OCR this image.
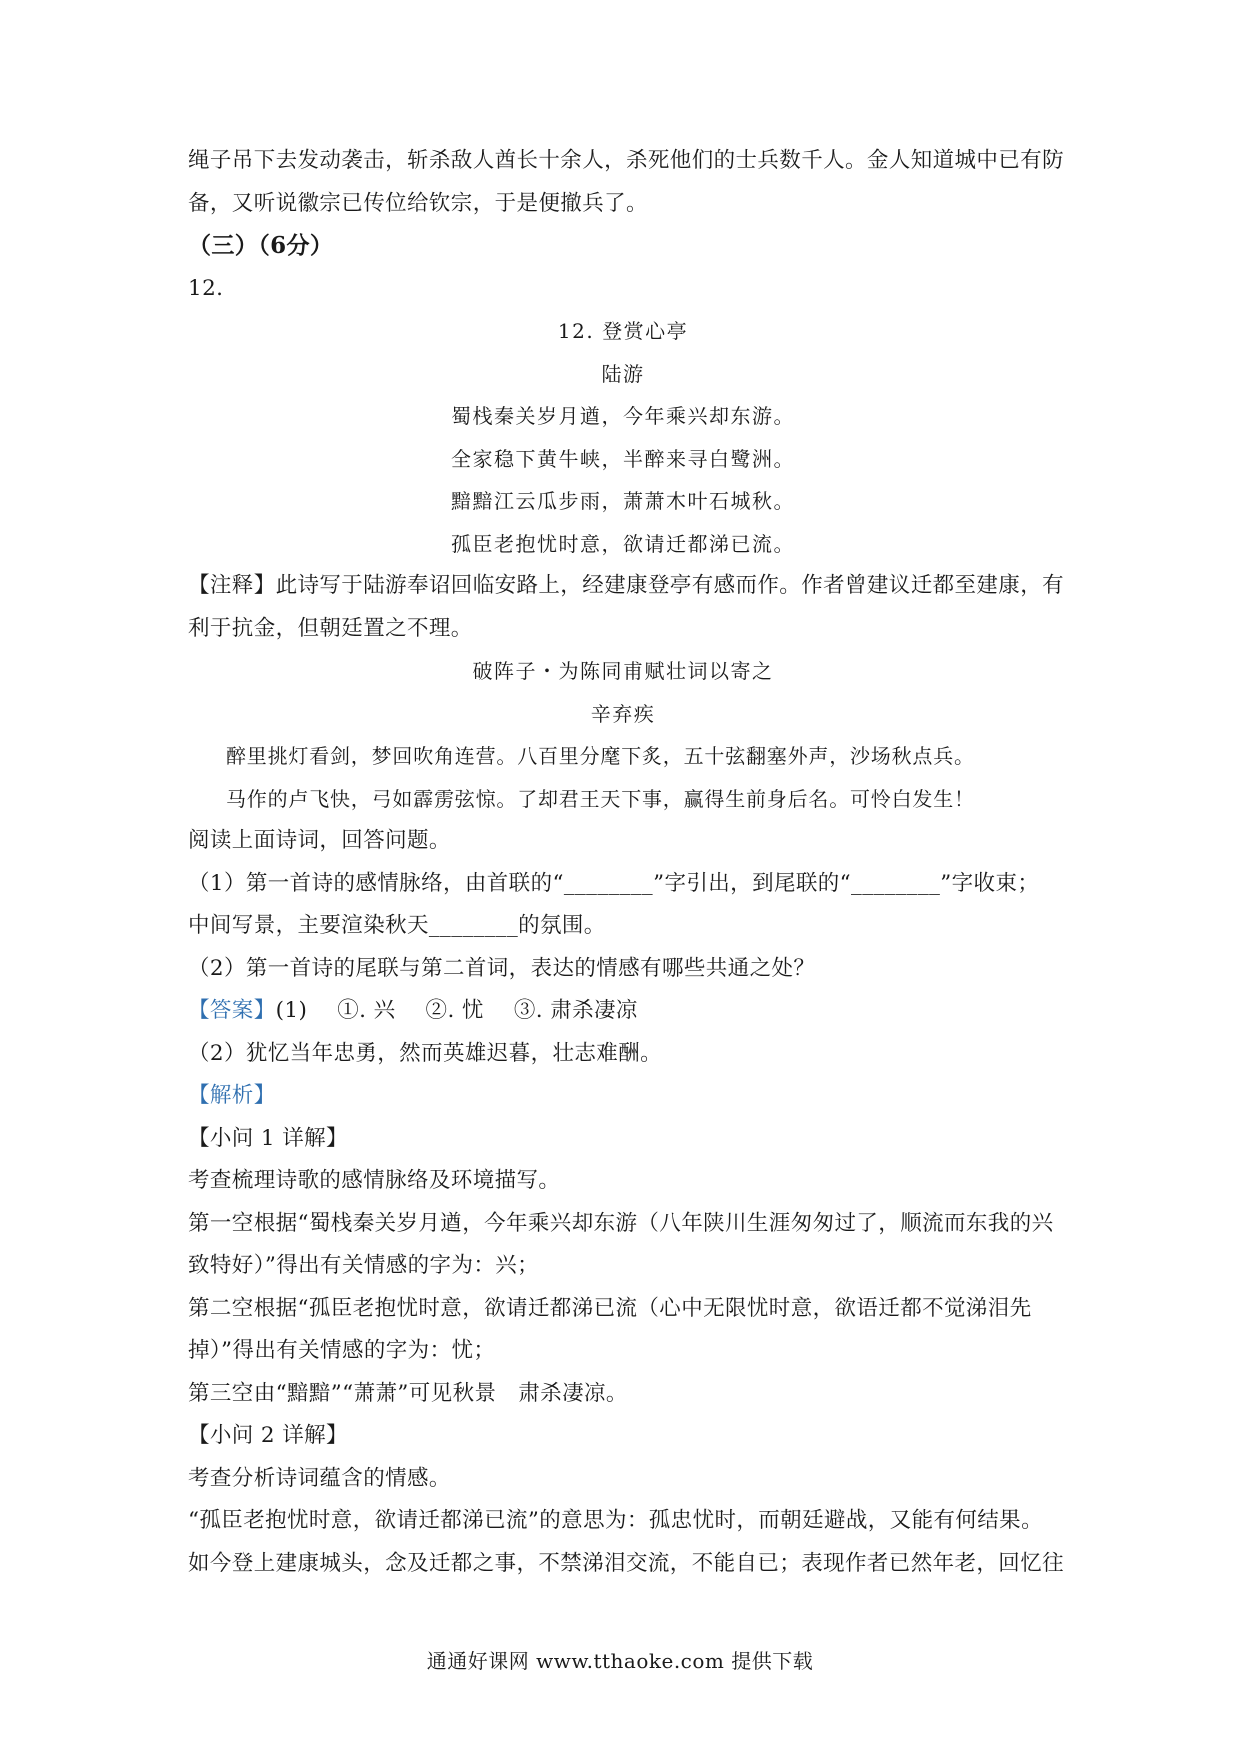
绳子吊下去发动袭击，斩杀敌人酋长十余人，杀死他们的士兵数千人。金人知道城中已有防
备，又听说徽宗已传位给钦宗，于是便撤兵了。
（三）（6分）
12.
12. 登赏心亭
陆游
蜀栈秦关岁月遒，今年乘兴却东游。
全家稳下黄牛峡，半醉来寻白鹭洲。
黯黯江云瓜步雨，萧萧木叶石城秋。
孤臣老抱忧时意，欲请迁都涕已流。
【注释】此诗写于陆游奉诏回临安路上，经建康登亭有感而作。作者曾建议迁都至建康，有
利于抗金，但朝廷置之不理。
破阵子・为陈同甫赋壮词以寄之
辛弃疾
醉里挑灯看剑，梦回吹角连营。八百里分麾下炙，五十弦翻塞外声，沙场秋点兵。
马作的卢飞快，弓如霹雳弦惊。了却君王天下事，赢得生前身后名。可怜白发生！
阅读上面诗词，回答问题。
（1）第一首诗的感情脉络，由首联的“________”字引出，到尾联的“________”字收束；
中间写景，主要渲染秋天________的氛围。
（2）第一首诗的尾联与第二首词，表达的情感有哪些共通之处？
【答案】(1) ①. 兴 ②. 忧 ③. 肃杀凄凉
（2）犹忆当年忠勇，然而英雄迟暮，壮志难酬。
【解析】
【小问 1 详解】
考查梳理诗歌的感情脉络及环境描写。
第一空根据“蜀栈秦关岁月遒，今年乘兴却东游（八年陕川生涯匆匆过了，顺流而东我的兴
致特好）”得出有关情感的字为：兴；
第二空根据“孤臣老抱忧时意，欲请迁都涕已流（心中无限忧时意，欲语迁都不觉涕泪先
掉）”得出有关情感的字为：忧；
第三空由“黯黯”“萧萧”可见秋景　肃杀凄凉。
【小问 2 详解】
考查分析诗词蕴含的情感。
“孤臣老抱忧时意，欲请迁都涕已流”的意思为：孤忠忧时，而朝廷避战，又能有何结果。
如今登上建康城头，念及迁都之事，不禁涕泪交流，不能自已；表现作者已然年老，回忆往
通通好课网 www.tthaoke.com 提供下载
